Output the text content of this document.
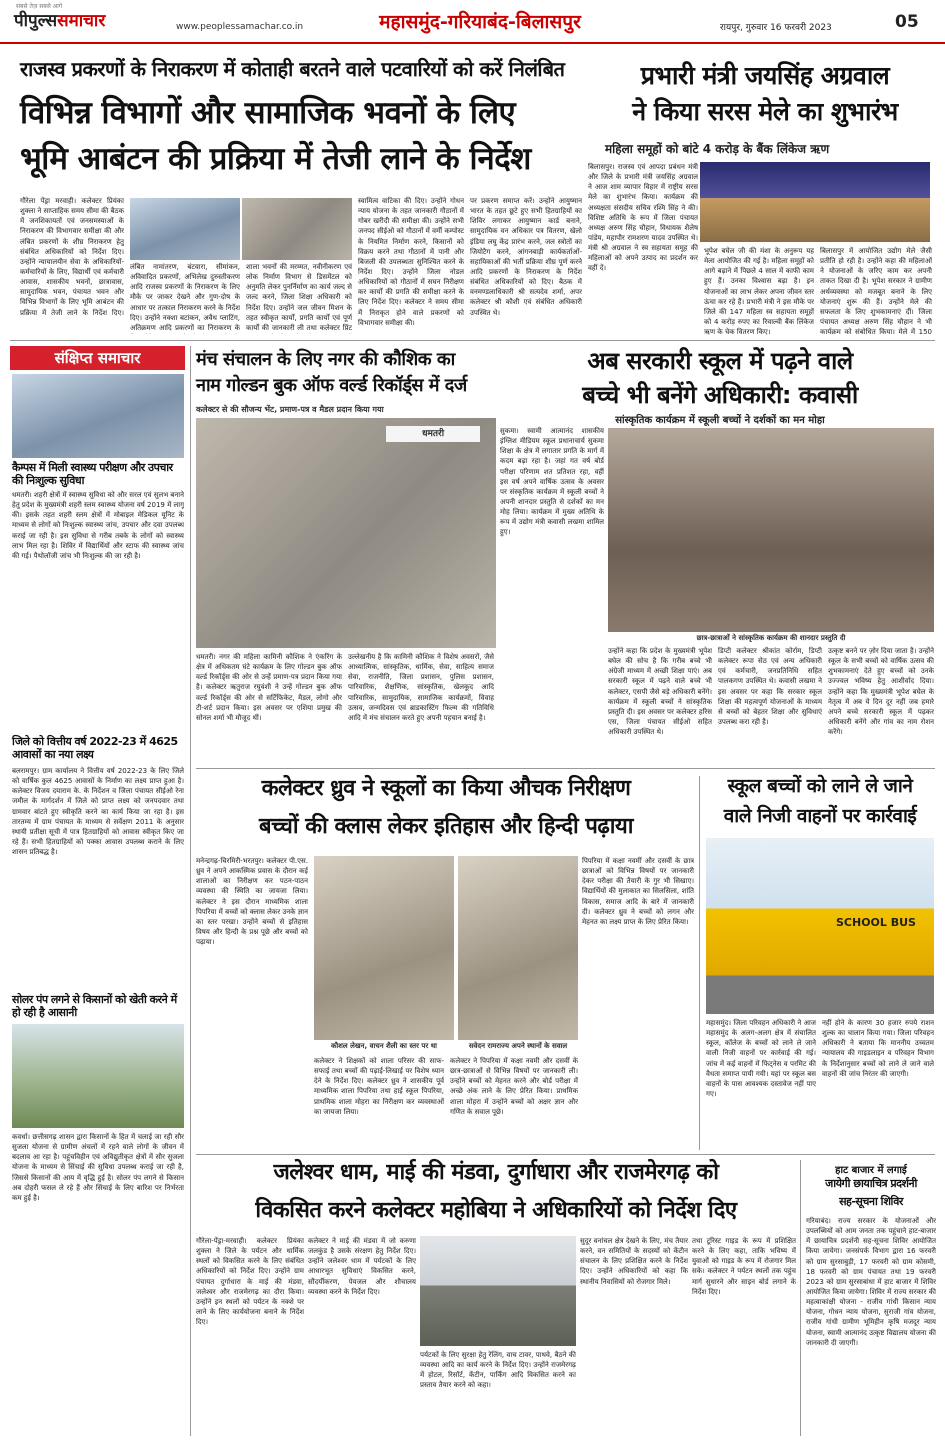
सबसे तेज़ सबसे आगे
पीपुल्ससमाचार	www.peoplessamachar.co.in	महासमुंद-गरियाबंद-बिलासपुर	रायपुर, गुरुवार 16 फरवरी 2023	05
राजस्व प्रकरणों के निराकरण में कोताही बरतने वाले पटवारियों को करें निलंबित
विभिन्न विभागों और सामाजिक भवनों के लिए
भूमि आबंटन की प्रक्रिया में तेजी लाने के निर्देश
गौरेला पेंड्रा मरवाही। कलेक्टर प्रियंका शुक्ला ने साप्ताहिक समय सीमा की बैठक में जनशिकायतों एवं जनसमस्याओं के निराकरण की विभागवार समीक्षा की और लंबित प्रकरणों के शीघ्र निराकरण हेतु संबंधित अधिकारियों को निर्देश दिए। उन्होंने न्यायालयीन सेवा के अधिकारियों-कर्मचारियों के लिए, विद्यार्थी एवं कर्मचारी आवास, शासकीय भवनों, छात्रावास, सामुदायिक भवन, पंचायत भवन और विभिन्न विभागों के लिए भूमि आबंटन की प्रक्रिया में तेजी लाने के निर्देश दिए।
लंबित नामांतरण, बंटवारा, सीमांकन, अविवादित प्रकरणों, अभिलेख दुरुस्तीकरण आदि राजस्व प्रकरणों के निराकरण के लिए मौके पर जाकर देखने और गुण-दोष के आधार पर तत्काल निराकरण करने के निर्देश दिए। उन्होंने नक्शा बटांकन, अवैध प्लाटिंग, अतिक्रमण आदि प्रकरणों का निराकरण के
शाला भवनों की मरम्मत, नवीनीकरण एवं लोक निर्माण विभाग से डिसमेंटल को अनुमति लेकर पुनर्निर्माण का कार्य जल्द से जल्द करने, जिला शिक्षा अधिकारी को निर्देश दिए। उन्होंने जल जीवन मिशन के तहत स्वीकृत कार्यों, प्रगति कार्यों एवं पूर्ण कार्यों की जानकारी ली तथा कलेक्टर प्रिंट
स्वामित्व वाटिका की दिए। उन्होंने गोधन न्याय योजना के तहत जानकारी गौठानों में गोबर खरीदी की समीक्षा की। उन्होंने सभी जनपद सीईओ को गौठानों में वर्मी कम्पोस्ट के नियमित निर्माण करने, किसानों को विक्रय करने तथा गौठानों में पानी और बिजली की उपलब्धता सुनिश्चित करने के निर्देश दिए। उन्होंने जिला नोडल अधिकारियों को गौठानों में सघन निरीक्षण कर कार्यों की प्रगति की समीक्षा करने के लिए निर्देश दिए। कलेक्टर ने समय सीमा में निराकृत होने वाले प्रकरणों को विभागवार समीक्षा की।
पर प्रकरण समाप्त करें। उन्होंने आयुष्मान भारत के तहत छूटे हुए सभी हितग्राहियों का शिविर लगाकर आयुष्मान कार्ड बनाने, सामुदायिक वन अधिकार पत्र वितरण, खेलो इंडिया लघु केंद्र प्रारंभ करने, जल स्त्रोतों का जियोटैग करने, आंगनबाड़ी कार्यकर्ताओं-सहायिकाओं की भर्ती प्रक्रिया शीघ्र पूर्ण करने आदि प्रकरणों के निराकरण के निर्देश संबंधित अधिकारियों को दिए। बैठक में वनमण्डलाधिकारी श्री सत्यदेव शर्मा, अपर कलेक्टर श्री कौशी एवं संबंधित अधिकारी उपस्थित थे।
प्रभारी मंत्री जयसिंह अग्रवाल
ने किया सरस मेले का शुभारंभ
महिला समूहों को बांटे 4 करोड़ के बैंक लिंकेज ऋण
बिलासपुर। राजस्व एवं आपदा प्रबंधन मंत्री और जिले के प्रभारी मंत्री जयसिंह अग्रवाल ने आज शाम व्यापार विहार में राष्ट्रीय सरस मेले का शुभारंभ किया। कार्यक्रम की अध्यक्षता संसदीय सचिव रश्मि सिंह ने की। विशिष्ट अतिथि के रूप में जिला पंचायत अध्यक्ष अरुण सिंह चौहान, विधायक शैलेष पांडेय, महापौर रामशरण यादव उपस्थित थे। मंत्री श्री अग्रवाल ने स्व सहायता समूह की महिलाओं को अपने उत्पाद का प्रदर्शन कर वहीं दें।
भूपेश बघेल जी की मंशा के अनुरूप यह मेला आयोजित की गई है। महिला समूहों को आगे बढ़ाने में पिछले 4 साल में काफी काम हुए हैं। उनका विश्वास बढ़ा है। इन योजनाओं का लाभ लेकर अपना जीवन स्तर ऊंचा कर रहे हैं। प्रभारी मंत्री ने इस मौके पर जिले की 147 महिला स्व सहायता समूहों को 4 करोड़ रुपए का रिवाल्वी बैंक लिंकेज ऋण के चेक वितरण किए।
बिलासपुर में आयोजित उद्योग मेले जैसी प्रतीति हो रही है। उन्होंने कहा की महिलाओं ने योजनाओं के जरिए काम कर अपनी ताकत दिखा दी है। भूपेश सरकार ने ग्रामीण अर्थव्यवस्था को मजबूत बनाने के लिए योजनाएं शुरू की हैं। उन्होंने मेले की सफलता के लिए शुभकामनाएं दीं। जिला पंचायत अध्यक्ष अरुण सिंह चौहान ने भी कार्यक्रम को संबोधित किया। मेले में 150
संक्षिप्त समाचार
कैम्पस में मिली स्वास्थ्य परीक्षण और उपचार की निःशुल्क सुविधा
धमतरी। शहरी क्षेत्रों में स्वास्थ्य सुविधा को और सरल एवं सुलभ बनाने हेतु प्रदेश के मुख्यमंत्री शहरी स्लम स्वास्थ्य योजना वर्ष 2019 में लागू की। इसके तहत शहरी स्लम क्षेत्रों में मोबाइल मेडिकल यूनिट के माध्यम से लोगों को निःशुल्क स्वास्थ्य जांच, उपचार और दवा उपलब्ध कराई जा रही है। इस सुविधा से गरीब तबके के लोगों को स्वास्थ्य लाभ मिल रहा है। शिविर में विद्यार्थियों और स्टाफ की स्वास्थ्य जांच की गई। पैथोलॉजी जांच भी निःशुल्क की जा रही है।
जिले को वित्तीय वर्ष 2022-23 में 4625 आवासों का नया लक्ष्य
बलरामपुर। ग्राम कार्यालय ने वित्तीय वर्ष 2022-23 के लिए जिले को वार्षिक कुल 4625 आवासों के निर्माण का लक्ष्य प्राप्त हुआ है। कलेक्टर विजय दयाराम के. के निर्देशन व जिला पंचायत सीईओ रेना जमील के मार्गदर्शन में जिले को प्राप्त लक्ष्य को जनपदवार तथा ग्रामवार बांटते हुए स्वीकृति करने का कार्य किया जा रहा है। इस तारतम्य में ग्राम पंचायत के माध्यम से सर्वेक्षण 2011 के अनुसार स्थायी प्रतीक्षा सूची में पात्र हितग्राहियों को आवास स्वीकृत किए जा रहे हैं। सभी हितग्राहियों को पक्का आवास उपलब्ध कराने के लिए शासन प्रतिबद्ध है।
सोलर पंप लगने से किसानों को खेती करने में हो रही है आसानी
कवर्धा। छत्तीसगढ़ शासन द्वारा किसानों के हित में चलाई जा रही सौर सुजला योजना से ग्रामीण अंचलों में रहने वाले लोगों के जीवन में बदलाव आ रहा है। पहुंचविहीन एवं अविद्युतीकृत क्षेत्रों में सौर सुजला योजना के माध्यम से सिंचाई की सुविधा उपलब्ध कराई जा रही है, जिससे किसानों की आय में वृद्धि हुई है। सोलर पंप लगने से किसान अब दोहरी फसल ले रहे हैं और सिंचाई के लिए बारिश पर निर्भरता कम हुई है।
मंच संचालन के लिए नगर की कौशिक का
नाम गोल्डन बुक ऑफ वर्ल्ड रिकॉर्ड्स में दर्ज
कलेक्टर से की सौजन्य भेंट, प्रमाण-पत्र व मैडल प्रदान किया गया
धमतरी
धमतरी। नगर की महिला कामिनी कौशिक ने एंकरिंग के क्षेत्र में अधिकतम घंटे कार्यक्रम के लिए गोल्डन बुक ऑफ वर्ल्ड रिकॉर्ड्स की ओर से उन्हें प्रमाण-पत्र प्रदान किया गया है। कलेक्टर ऋतुराज रघुवंशी ने उन्हें गोल्डन बुक ऑफ वर्ल्ड रिकॉर्ड्स की ओर से सर्टिफिकेट, मैडल, लोगो और टी-शर्ट प्रदान किया। इस अवसर पर एशिया प्रमुख की सोनल शर्मा भी मौजूद थीं।
उल्लेखनीय है कि कामिनी कौशिक ने विशेष अवसरों, जैसे आध्यात्मिक, सांस्कृतिक, धार्मिक, सेवा, साहित्य समाज सेवा, राजनीति, जिला प्रशासन, पुलिस प्रशासन, पारिवारिक, शैक्षणिक, सांस्कृतिक, खेलकूद आदि पारिवारिक, सामुदायिक, सामाजिक कार्यक्रमों, विवाह उत्सव, जन्मदिवस एवं ब्राडकास्टिंग फिल्म की गतिविधि आदि में मंच संचालन करते हुए अपनी पहचान बनाई है।
अब सरकारी स्कूल में पढ़ने वाले
बच्चे भी बनेंगे अधिकारी: कवासी
सांस्कृतिक कार्यक्रम में स्कूली बच्चों ने दर्शकों का मन मोहा
सुकमा। स्वामी आत्मानंद शासकीय इंग्लिश मीडियम स्कूल प्रधानाचार्य सुकमा शिक्षा के क्षेत्र में लगातार प्रगति के मार्ग में कदम बढ़ा रहा है। जहां गत वर्ष बोर्ड परीक्षा परिणाम शत प्रतिशत रहा, वहीं इस वर्ष अपने वार्षिक उत्सव के अवसर पर संस्कृतिक कार्यक्रम में स्कूली बच्चों ने अपनी शानदार प्रस्तुति से दर्शकों का मन मोह लिया। कार्यक्रम में मुख्य अतिथि के रूप में उद्योग मंत्री कवासी लखमा शामिल हुए।
छात्र-छात्राओं ने सांस्कृतिक कार्यक्रम की शानदार प्रस्तुति दी
उन्होंने कहा कि प्रदेश के मुख्यमंत्री भूपेश बघेल की सोच है कि गरीब बच्चे भी अंग्रेजी माध्यम में अच्छी शिक्षा पाएं। अब सरकारी स्कूल में पढ़ने वाले बच्चे भी कलेक्टर, एसपी जैसे बड़े अधिकारी बनेंगे। कार्यक्रम में स्कूली बच्चों ने सांस्कृतिक प्रस्तुति दी। इस अवसर पर कलेक्टर हरिस एस, जिला पंचायत सीईओ सहित अधिकारी उपस्थित थे।
डिप्टी कलेक्टर श्रीकांत कोर्राम, डिप्टी कलेक्टर रूपा सेठ एवं अन्य अधिकारी एवं कर्मचारी, जनप्रतिनिधि सहित पालकगण उपस्थित थे। कवासी लखमा ने इस अवसर पर कहा कि सरकार स्कूल शिक्षा की महत्वपूर्ण योजनाओं के माध्यम से बच्चों को बेहतर शिक्षा और सुविधाएं उपलब्ध करा रही है।
उत्कृष्ट बनने पर ज़ोर दिया जाता है। उन्होंने स्कूल के सभी बच्चों को वार्षिक उत्सव की शुभकामनाएं देते हुए बच्चों को उनके उज्ज्वल भविष्य हेतु आशीर्वाद दिया। उन्होंने कहा कि मुख्यमंत्री भूपेश बघेल के नेतृत्व में अब ये दिन दूर नहीं जब हमारे अपने बच्चे सरकारी स्कूल में पढ़कर अधिकारी बनेंगे और गांव का नाम रोशन करेंगे।
कलेक्टर ध्रुव ने स्कूलों का किया औचक निरीक्षण
बच्चों की क्लास लेकर इतिहास और हिन्दी पढ़ाया
मनेन्द्रगढ़-चिरमिरी-भरतपुर। कलेक्टर पी.एस. ध्रुव ने अपने आकस्मिक प्रवास के दौरान कई शालाओं का निरीक्षण कर पठन-पाठन व्यवस्था की स्थिति का जायजा लिया। कलेक्टर ने इस दौरान माध्यमिक शाला पिपरिया में बच्चों को क्लास लेकर उनके ज्ञान का स्तर परखा। उन्होंने बच्चों से इतिहास विषय और हिन्दी के प्रश्न पूछे और बच्चों को पढ़ाया।
कौशल लेखन, वाचन शैली का स्तर पर था	सवेदन रामराज्य अपने स्थानों के सवाल
कलेक्टर ने शिक्षकों को शाला परिसर की साफ-सफाई तथा बच्चों की पढ़ाई-लिखाई पर विशेष ध्यान देने के निर्देश दिए। कलेक्टर ध्रुव ने शासकीय पूर्व माध्यमिक शाला पिपरिया तथा हाई स्कूल पिपरिया, प्राथमिक शाला मोहरा का निरीक्षण कर व्यवस्थाओं का जायजा लिया।
कलेक्टर ने पिपरिया में कक्षा नवमी और दसवीं के छात्र-छात्राओं से विभिन्न विषयों पर जानकारी ली। उन्होंने बच्चों को मेहनत करने और बोर्ड परीक्षा में अच्छे अंक लाने के लिए प्रेरित किया। प्राथमिक शाला मोहरा में उन्होंने बच्चों को अक्षर ज्ञान और गणित के सवाल पूछे।
पिपरिया में कक्षा नवमीं और दसवीं के छात्र छात्राओं को विभिन्न विषयों पर जानकारी देकर परीक्षा की तैयारी के गुर भी सिखाए। विद्यार्थियों की मुलाकात का सिलसिला, शांति विकास, समाज आदि के बारे में जानकारी दी। कलेक्टर ध्रुव ने बच्चों को लगन और मेहनत का लक्ष्य प्राप्त के लिए प्रेरित किया।
स्कूल बच्चों को लाने ले जाने
वाले निजी वाहनों पर कार्रवाई
SCHOOL BUS
महासमुंद। जिला परिवहन अधिकारी ने आज महासमुंद के अलग-अलग क्षेत्र में संचालित स्कूल, कॉलेज के बच्चों को लाने ले जाने वाली निजी वाहनों पर कार्रवाई की गई। जांच में कई वाहनों में फिट्नेस व परमिट की वैधता समाप्त पायी गयी। यहां पर स्कूल बस वाहनों के पास आवश्यक दस्तावेज नहीं पाए गए।
नहीं होने के कारण 30 हजार रुपये राशन शुल्क का चालान किया गया। जिला परिवहन अधिकारी ने बताया कि माननीय उच्चतम न्यायालय की गाइडलाइन व परिवहन विभाग के निर्देशानुसार बच्चों को लाने ले जाने वाले वाहनों की जांच निरंतर की जाएगी।
जलेश्वर धाम, माई की मंडवा, दुर्गाधारा और राजमेरगढ़ को
विकसित करने कलेक्टर महोबिया ने अधिकारियों को निर्देश दिए
गौरेला-पेंड्रा-मरवाही। कलेक्टर प्रियंका शुक्ला ने जिले के पर्यटन और धार्मिक स्थलों को विकसित करने के लिए संबंधित अधिकारियों को निर्देश दिए। उन्होंने ग्राम पंचायत दुर्गाधारा के माई की मंडवा, जलेश्वर और राजमेरगढ़ का दौरा किया। उन्होंने इन स्थलों को पर्यटन के नक्शे पर लाने के लिए कार्ययोजना बनाने के निर्देश दिए।
कलेक्टर ने माई की मंडवा में जो करुणा जलकुंड है उसके संरक्षण हेतु निर्देश दिए। उन्होंने जलेश्वर धाम में पर्यटकों के लिए आधारभूत सुविधाएं विकसित करने, सौंदर्यीकरण, पेयजल और शौचालय व्यवस्था करने के निर्देश दिए।
पर्यटकों के लिए सुरक्षा हेतु रेलिंग, वाच टावर, पाथवे, बैठने की व्यवस्था आदि का कार्य करने के निर्देश दिए। उन्होंने राजमेरगढ़ में होटल, रिसॉर्ट, केंटीन, पार्किंग आदि विकसित करने का प्रस्ताव तैयार करने को कहा।
सुदूर वनांचल क्षेत्र देखने के लिए, मंच तैयार करने, वन समितियों के सदस्यों को केंटीन संचालन के लिए प्रशिक्षित करने के निर्देश दिए। उन्होंने अधिकारियों को कहा कि स्थानीय निवासियों को रोजगार मिले।
तथा टूरिस्ट गाइड के रूप में प्रशिक्षित करने के लिए कहा, ताकि भविष्य में युवाओं को गाइड के रूप में रोजगार मिल सके। कलेक्टर ने पर्यटन स्थलों तक पहुंच मार्ग सुधारने और साइन बोर्ड लगाने के निर्देश दिए।
हाट बाजार में लगाई
जायेगी छायाचित्र प्रदर्शनी
सह-सूचना शिविर
गरियाबंद। राज्य सरकार के योजनाओं और उपलब्धियों को आम जनता तक पहुंचाने हाट-बाजार में छायाचित्र प्रदर्शनी सह-सूचना शिविर आयोजित किया जायेगा। जनसंपर्क विभाग द्वारा 16 फरवरी को ग्राम सुरसाबुड़ी, 17 फरवरी को ग्राम कोसमी, 18 फरवरी को ग्राम पंचायत तथा 19 फरवरी 2023 को ग्राम सुरसाबांधा में हाट बाजार में शिविर आयोजित किया जायेगा। शिविर में राज्य सरकार की महत्वाकांक्षी योजना - राजीव गांधी किसान न्याय योजना, गोधन न्याय योजना, सुराजी गांव योजना, राजीव गांधी ग्रामीण भूमिहीन कृषि मजदूर न्याय योजना, स्वामी आत्मानंद उत्कृष्ट विद्यालय योजना की जानकारी दी जाएगी।
